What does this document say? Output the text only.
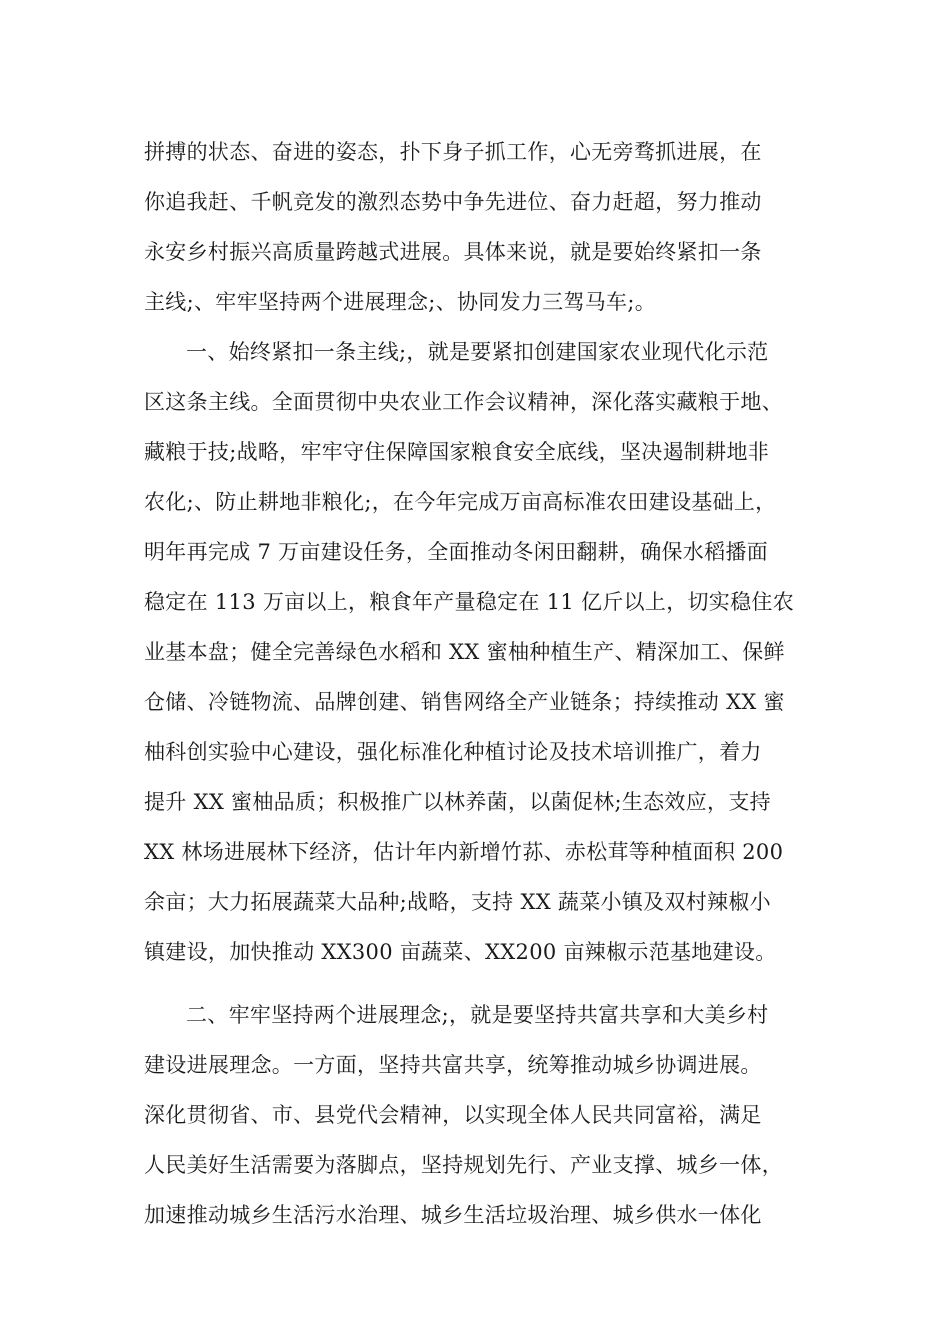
拼搏的状态、奋进的姿态，扑下身子抓工作，心无旁骛抓进展，在
你追我赶、千帆竞发的激烈态势中争先进位、奋力赶超，努力推动
永安乡村振兴高质量跨越式进展。具体来说，就是要始终紧扣一条
主线;、牢牢坚持两个进展理念;、协同发力三驾马车;。
一、始终紧扣一条主线;，就是要紧扣创建国家农业现代化示范
区这条主线。全面贯彻中央农业工作会议精神，深化落实藏粮于地、
藏粮于技;战略，牢牢守住保障国家粮食安全底线，坚决遏制耕地非
农化;、防止耕地非粮化;，在今年完成万亩高标准农田建设基础上，
明年再完成 7 万亩建设任务，全面推动冬闲田翻耕，确保水稻播面
稳定在 113 万亩以上，粮食年产量稳定在 11 亿斤以上，切实稳住农
业基本盘；健全完善绿色水稻和 XX 蜜柚种植生产、精深加工、保鲜
仓储、冷链物流、品牌创建、销售网络全产业链条；持续推动 XX 蜜
柚科创实验中心建设，强化标准化种植讨论及技术培训推广，着力
提升 XX 蜜柚品质；积极推广以林养菌，以菌促林;生态效应，支持
XX 林场进展林下经济，估计年内新增竹荪、赤松茸等种植面积 200
余亩；大力拓展蔬菜大品种;战略，支持 XX 蔬菜小镇及双村辣椒小
镇建设，加快推动 XX300 亩蔬菜、XX200 亩辣椒示范基地建设。
二、牢牢坚持两个进展理念;，就是要坚持共富共享和大美乡村
建设进展理念。一方面，坚持共富共享，统筹推动城乡协调进展。
深化贯彻省、市、县党代会精神，以实现全体人民共同富裕，满足
人民美好生活需要为落脚点，坚持规划先行、产业支撑、城乡一体，
加速推动城乡生活污水治理、城乡生活垃圾治理、城乡供水一体化
